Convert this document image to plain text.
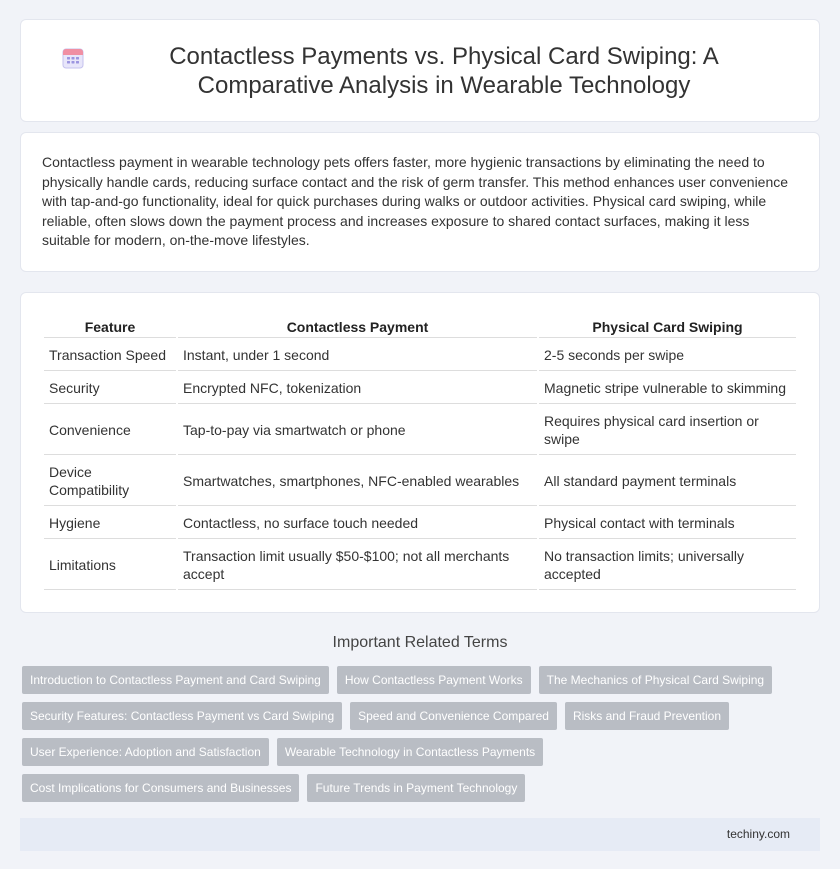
Contactless Payments vs. Physical Card Swiping: A Comparative Analysis in Wearable Technology

Contactless payment in wearable technology pets offers faster, more hygienic transactions by eliminating the need to physically handle cards, reducing surface contact and the risk of germ transfer. This method enhances user convenience with tap-and-go functionality, ideal for quick purchases during walks or outdoor activities. Physical card swiping, while reliable, often slows down the payment process and increases exposure to shared contact surfaces, making it less suitable for modern, on-the-move lifestyles.

Feature	Contactless Payment	Physical Card Swiping
Transaction Speed	Instant, under 1 second	2-5 seconds per swipe
Security	Encrypted NFC, tokenization	Magnetic stripe vulnerable to skimming
Convenience	Tap-to-pay via smartwatch or phone	Requires physical card insertion or swipe
Device Compatibility	Smartwatches, smartphones, NFC-enabled wearables	All standard payment terminals
Hygiene	Contactless, no surface touch needed	Physical contact with terminals
Limitations	Transaction limit usually $50-$100; not all merchants accept	No transaction limits; universally accepted
Important Related Terms
Introduction to Contactless Payment and Card Swiping	How Contactless Payment Works	The Mechanics of Physical Card Swiping
Security Features: Contactless Payment vs Card Swiping	Speed and Convenience Compared	Risks and Fraud Prevention
User Experience: Adoption and Satisfaction	Wearable Technology in Contactless Payments
Cost Implications for Consumers and Businesses	Future Trends in Payment Technology
techiny.com
